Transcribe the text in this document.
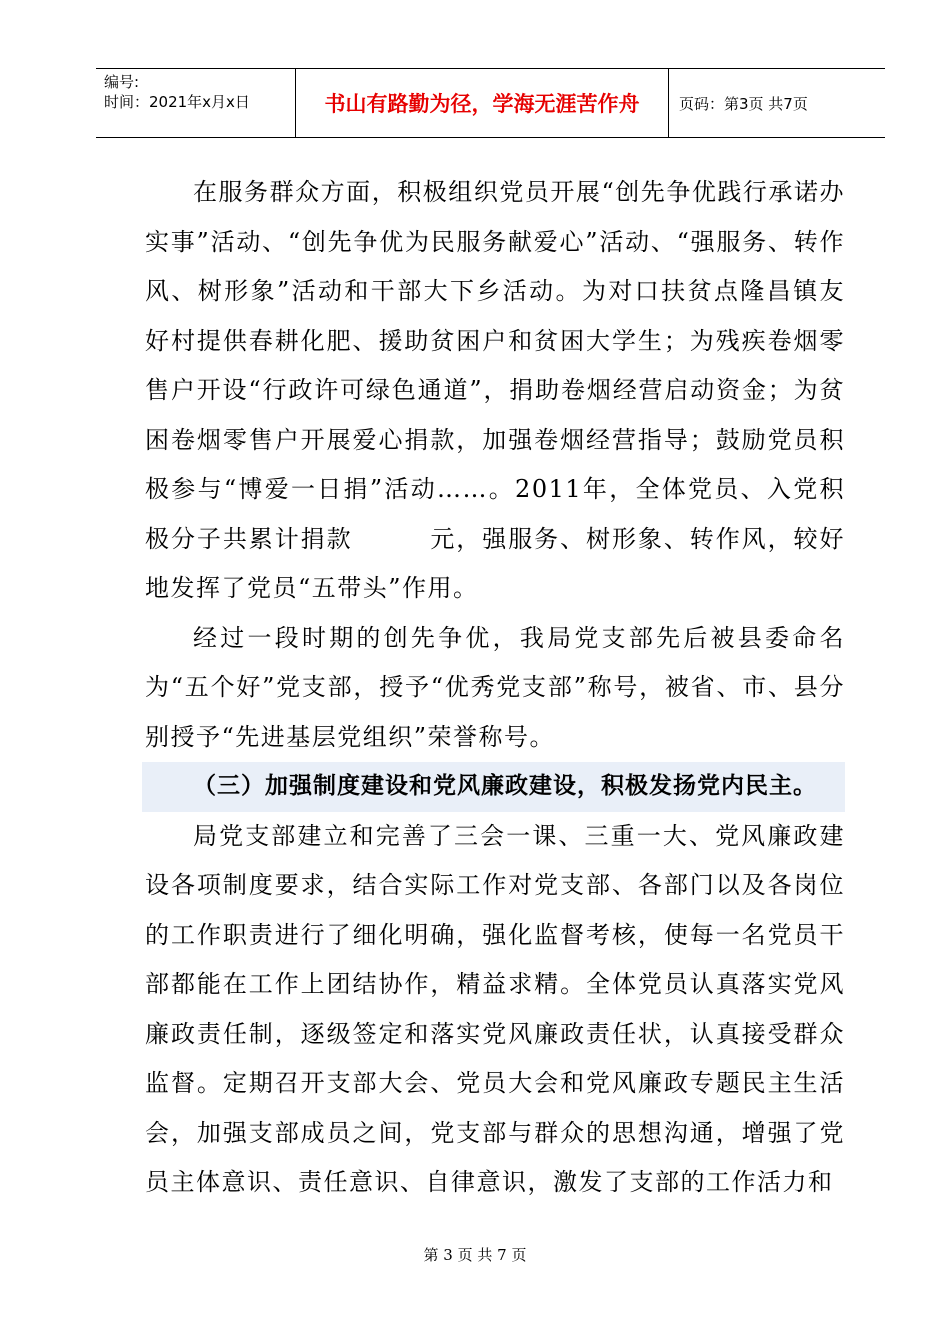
编号:
时间：2021年x月x日	书山有路勤为径，学海无涯苦作舟	页码：第3页 共7页

在服务群众方面，积极组织党员开展“创先争优践行承诺办实事”活动、“创先争优为民服务献爱心”活动、“强服务、转作风、树形象”活动和干部大下乡活动。为对口扶贫点隆昌镇友好村提供春耕化肥、援助贫困户和贫困大学生；为残疾卷烟零售户开设“行政许可绿色通道”，捐助卷烟经营启动资金；为贫困卷烟零售户开展爱心捐款，加强卷烟经营指导；鼓励党员积极参与“博爱一日捐”活动……。2011年，全体党员、入党积极分子共累计捐款　　　元，强服务、树形象、转作风，较好地发挥了党员“五带头”作用。

经过一段时期的创先争优，我局党支部先后被县委命名为“五个好”党支部，授予“优秀党支部”称号，被省、市、县分别授予“先进基层党组织”荣誉称号。

（三）加强制度建设和党风廉政建设，积极发扬党内民主。

局党支部建立和完善了三会一课、三重一大、党风廉政建设各项制度要求，结合实际工作对党支部、各部门以及各岗位的工作职责进行了细化明确，强化监督考核，使每一名党员干部都能在工作上团结协作，精益求精。全体党员认真落实党风廉政责任制，逐级签定和落实党风廉政责任状，认真接受群众监督。定期召开支部大会、党员大会和党风廉政专题民主生活会，加强支部成员之间，党支部与群众的思想沟通，增强了党员主体意识、责任意识、自律意识，激发了支部的工作活力和

第 3 页 共 7 页
